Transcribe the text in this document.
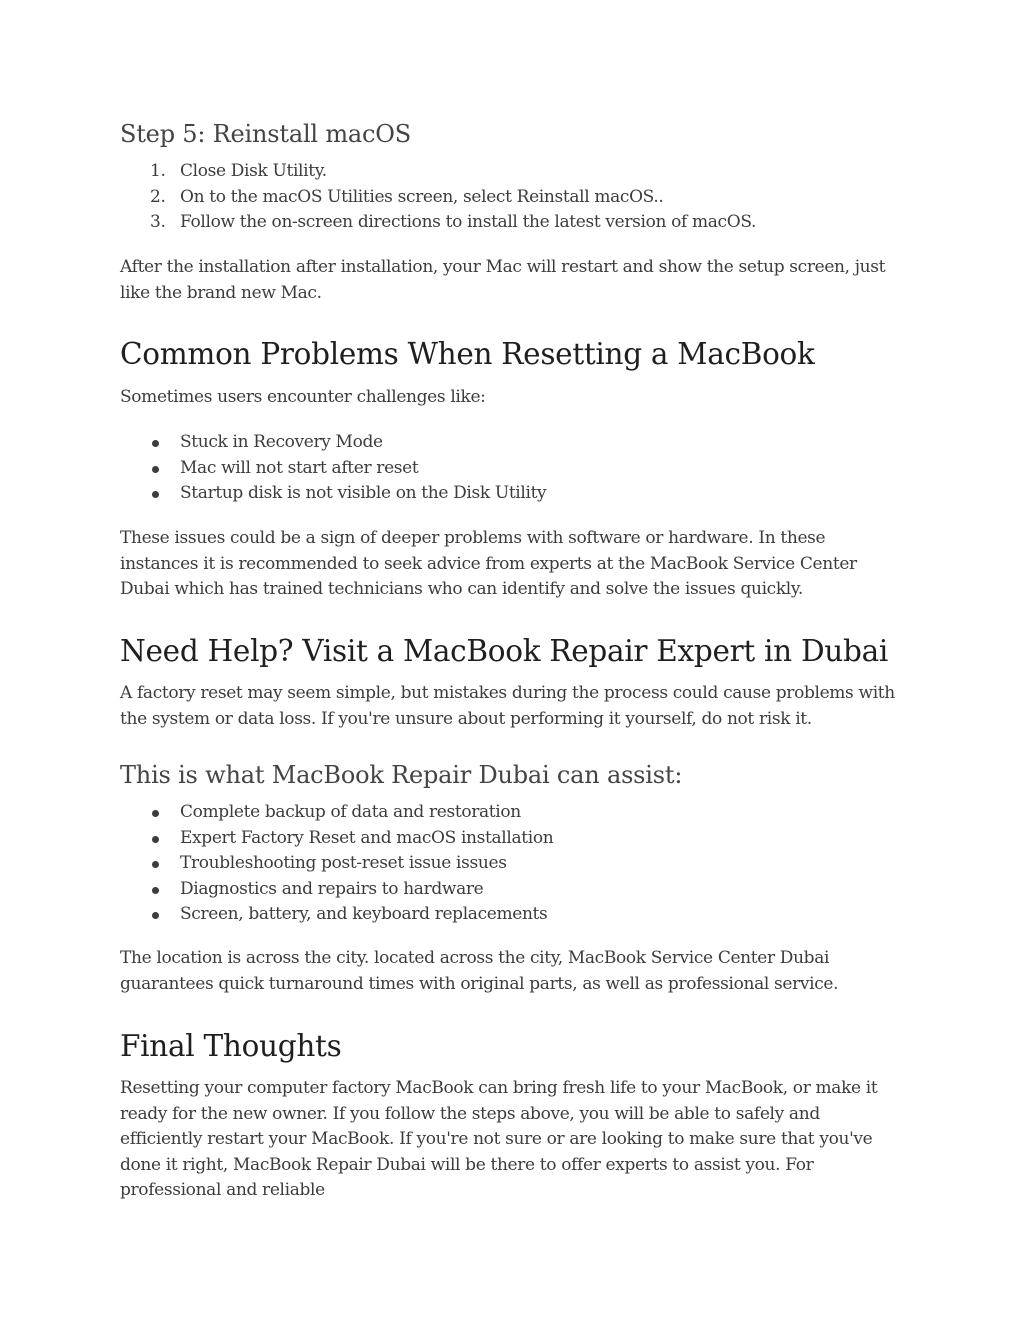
Step 5: Reinstall macOS
1. Close Disk Utility.
2. On to the macOS Utilities screen, select Reinstall macOS..
3. Follow the on-screen directions to install the latest version of macOS.

After the installation after installation, your Mac will restart and show the setup screen, just like the brand new Mac.

Common Problems When Resetting a MacBook

Sometimes users encounter challenges like:

Stuck in Recovery Mode
Mac will not start after reset
Startup disk is not visible on the Disk Utility

These issues could be a sign of deeper problems with software or hardware. In these instances it is recommended to seek advice from experts at the MacBook Service Center Dubai which has trained technicians who can identify and solve the issues quickly.

Need Help? Visit a MacBook Repair Expert in Dubai

A factory reset may seem simple, but mistakes during the process could cause problems with the system or data loss. If you're unsure about performing it yourself, do not risk it.

This is what MacBook Repair Dubai can assist:
Complete backup of data and restoration
Expert Factory Reset and macOS installation
Troubleshooting post-reset issue issues
Diagnostics and repairs to hardware
Screen, battery, and keyboard replacements

The location is across the city. located across the city, MacBook Service Center Dubai guarantees quick turnaround times with original parts, as well as professional service.

Final Thoughts

Resetting your computer factory MacBook can bring fresh life to your MacBook, or make it ready for the new owner. If you follow the steps above, you will be able to safely and efficiently restart your MacBook. If you're not sure or are looking to make sure that you've done it right, MacBook Repair Dubai will be there to offer experts to assist you. For professional and reliable
